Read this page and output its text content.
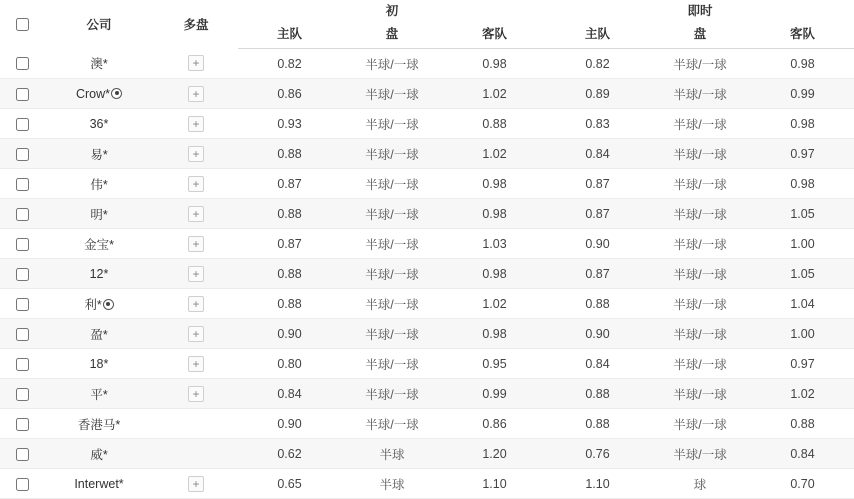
	公司	多盘	初			即时		

			主队	盘	客队	主队	盘	客队
	澳*	+	0.82	半球/一球	0.98	0.82	半球/一球	0.98
	Crow*	+	0.86	半球/一球	1.02	0.89	半球/一球	0.99
	36*	+	0.93	半球/一球	0.88	0.83	半球/一球	0.98
	易*	+	0.88	半球/一球	1.02	0.84	半球/一球	0.97
	伟*	+	0.87	半球/一球	0.98	0.87	半球/一球	0.98
	明*	+	0.88	半球/一球	0.98	0.87	半球/一球	1.05
	金宝*	+	0.87	半球/一球	1.03	0.90	半球/一球	1.00
	12*	+	0.88	半球/一球	0.98	0.87	半球/一球	1.05
	利*	+	0.88	半球/一球	1.02	0.88	半球/一球	1.04
	盈*	+	0.90	半球/一球	0.98	0.90	半球/一球	1.00
	18*	+	0.80	半球/一球	0.95	0.84	半球/一球	0.97
	平*	+	0.84	半球/一球	0.99	0.88	半球/一球	1.02
	香港马*		0.90	半球/一球	0.86	0.88	半球/一球	0.88
	威*		0.62	半球	1.20	0.76	半球/一球	0.84
	Interwet*	+	0.65	半球	1.10	1.10	球	0.70
